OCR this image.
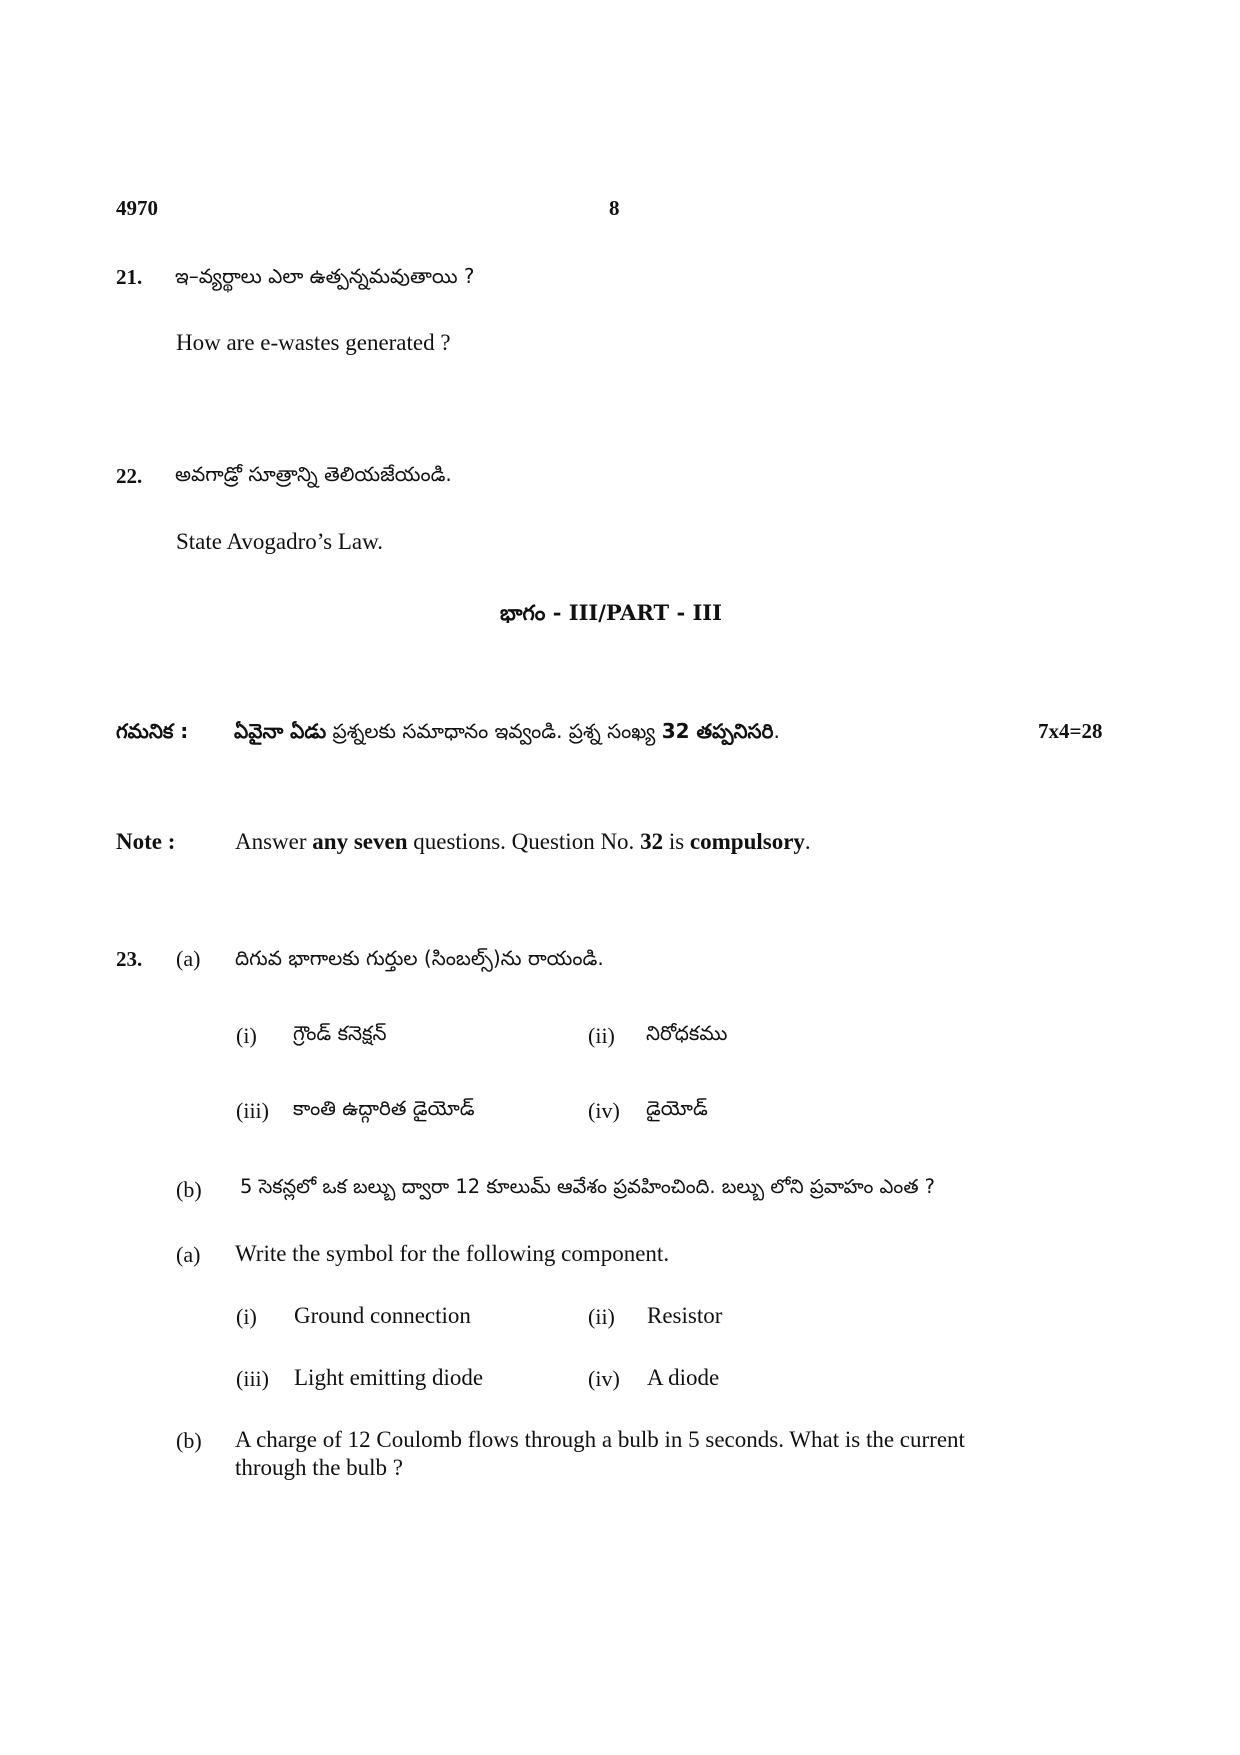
4970	8
21. ఇ–వ్యర్థాలు ఎలా ఉత్పన్నమవుతాయి ?
How are e-wastes generated ?
22. అవగాడ్రో సూత్రాన్ని తెలియజేయండి.
State Avogadro’s Law.
భాగం - III/PART - III
గమనిక : ఏవైనా ఏడు ప్రశ్నలకు సమాధానం ఇవ్వండి. ప్రశ్న సంఖ్య 32 తప్పనిసరి.	7x4=28
Note :	Answer any seven questions. Question No. 32 is compulsory.
23. (a) దిగువ భాగాలకు గుర్తుల (సింబల్స్)ను రాయండి.
(i) గ్రౌండ్ కనెక్షన్	(ii) నిరోధకము
(iii) కాంతి ఉద్గారిత డైయోడ్	(iv) డైయోడ్
(b) 5 సెకన్లలో ఒక బల్బు ద్వారా 12 కూలుమ్ ఆవేశం ప్రవహించింది. బల్బు లోని ప్రవాహం ఎంత ?
(a) Write the symbol for the following component.
(i) Ground connection	(ii) Resistor
(iii) Light emitting diode	(iv) A diode
(b) A charge of 12 Coulomb flows through a bulb in 5 seconds. What is the current
through the bulb ?
